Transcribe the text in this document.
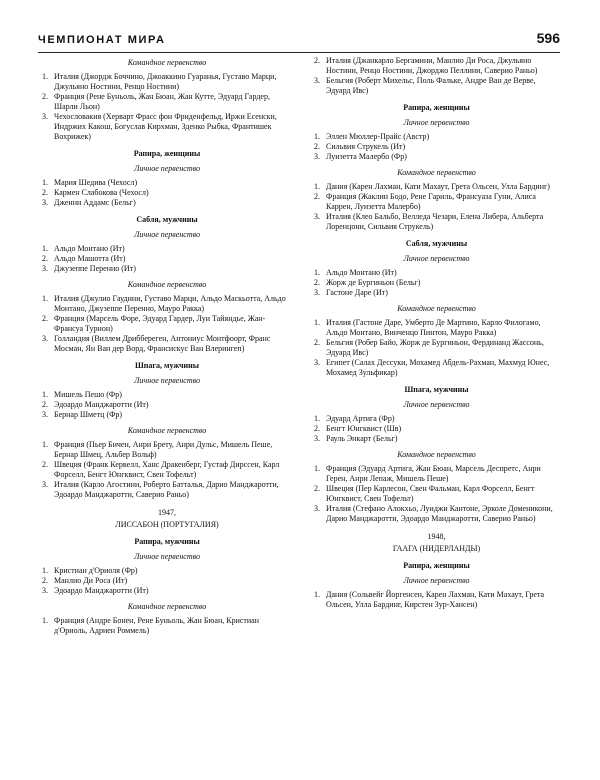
ЧЕМПИОНАТ МИРА	596
Командное первенство
1. Италия (Джордж Боччино, Джоаккино Гуаранья, Густаво Марци, Джульяно Ностини, Ренцо Ностини)
2. Франция (Рене Буньоль, Жан Бюан, Жан Кутте, Эдуард Гардер, Шарли Льон)
3. Чехословакия (Херварт Фрасс фон Фриденфельд, Иржи Есенски, Индржих Какош, Богуслав Кирхман, Зденко Рыбка, Франтишек Вохрижек)
Рапира, женщины
Личное первенство
1. Мария Шедива (Чехосл)
2. Кармен Слабокова (Чехосл)
3. Дженни Аддамс (Бельг)
Сабля, мужчины
Личное первенство
1. Альдо Монтано (Ит)
2. Альдо Машотта (Ит)
3. Джузеппе Перенно (Ит)
Командное первенство
1. Италия (Джулио Гаудини, Густаво Марци, Альдо Маскьотта, Альдо Монтано, Джузеппе Перенно, Мауро Ракка)
2. Франция (Марсель Форе, Эдуард Гардер, Луи Тайяндье, Жан-Франсуа Турнон)
3. Голландия (Виллем Дриббереген, Антониус Монтфоорт, Франс Мосман, Ян Ван дер Ворд, Франсискус Ван Влерингеп)
Шпага, мужчины
Личное первенство
1. Мишель Пешо (Фр)
2. Эдоардо Манджаротти (Ит)
3. Бернар Шметц (Фр)
Командное первенство
1. Франция (Пьер Бичен, Анри Брету, Анри Дульс, Мишель Пеше, Бернар Шмец, Альбер Вольф)
2. Швеция (Франк Кервелл, Ханс Дракенберг, Густаф Дирссен, Карл Форселл, Бенгт Юнгквист, Свен Тофельт)
3. Италия (Карло Агостини, Роберто Батталья, Дарио Манджаротти, Эдоардо Манджаротти, Саверио Раньо)
1947,
ЛИССАБОН (ПОРТУГАЛИЯ)
Рапира, мужчины
Личное первенство
1. Кристиан д'Ориоля (Фр)
2. Манлио Ди Роса (Ит)
3. Эдоардо Манджаротти (Ит)
Командное первенство
1. Франция (Андре Бонен, Рене Буньоль, Жан Бюан, Кристиан д'Ориоль, Адриен Роммель)
2. Италия (Джанкарло Бергамини, Манлио Ди Роса, Джульяно Ностини, Ренцо Ностини, Джорджо Пеллини, Саверио Раньо)
3. Бельгия (Роберт Михельс, Поль Фальке, Андре Ван де Верве, Эдуард Ивс)
Рапира, женщины
Личное первенство
1. Эллен Мюллер-Прайс (Австр)
2. Сильвия Струкель (Ит)
3. Луизетта Малербо (Фр)
Командное первенство
1. Дания (Карен Лахман, Кати Махаут, Грета Ольсен, Улла Бардинг)
2. Франция (Жаклин Бодо, Рене Гариль, Франсуаза Гуни, Алиса Каррен, Луизетта Малербо)
3. Италия (Клео Бальбо, Велледа Чезари, Елена Либера, Альберта Лоренцони, Сильвия Струкель)
Сабля, мужчины
Личное первенство
1. Альдо Монтано (Ит)
2. Жорж де Бургиньон (Бельг)
3. Гастоне Дape (Ит)
Командное первенство
1. Италия (Гастоне Даре, Умберто Де Мартино, Карло Филогамо, Альдо Монтано, Винченцо Пинтон, Мауро Ракка)
2. Бельгия (Робер Байо, Жорж де Бургиньон, Фердинанд Жассонь, Эдуард Ивс)
3. Египет (Салах Дессуки, Мохамед Абдель-Рахман, Махмуд Юнес, Мохамед Зульфикар)
Шпага, мужчины
Личное первенство
1. Эдуард Артига (Фр)
2. Бенгт Юнгквист (Шв)
3. Рауль Энкарт (Бельг)
Командное первенство
1. Франция (Эдуард Артига, Жан Бюан, Марсель Деспретс, Анри Герен, Анри Лепаж, Мишель Пеше)
2. Швеция (Пер Карлесон, Свен Фальман, Карл Форселл, Бенгт Юнгквист, Свен Тофельт)
3. Италия (Стефано Алокхьо, Луиджи Кантоне, Эрколе Доменикони, Дарио Манджаротти, Эдоардо Манджаротти, Саверио Раньо)
1948,
ГААГА (НИДЕРЛАНДЫ)
Рапира, женщины
Личное первенство
1. Дания (Сольвейг Йоргенсен, Карен Лахман, Кати Махаут, Грета Ольсен, Улла Бардинг, Кирстен Зур-Хансен)
